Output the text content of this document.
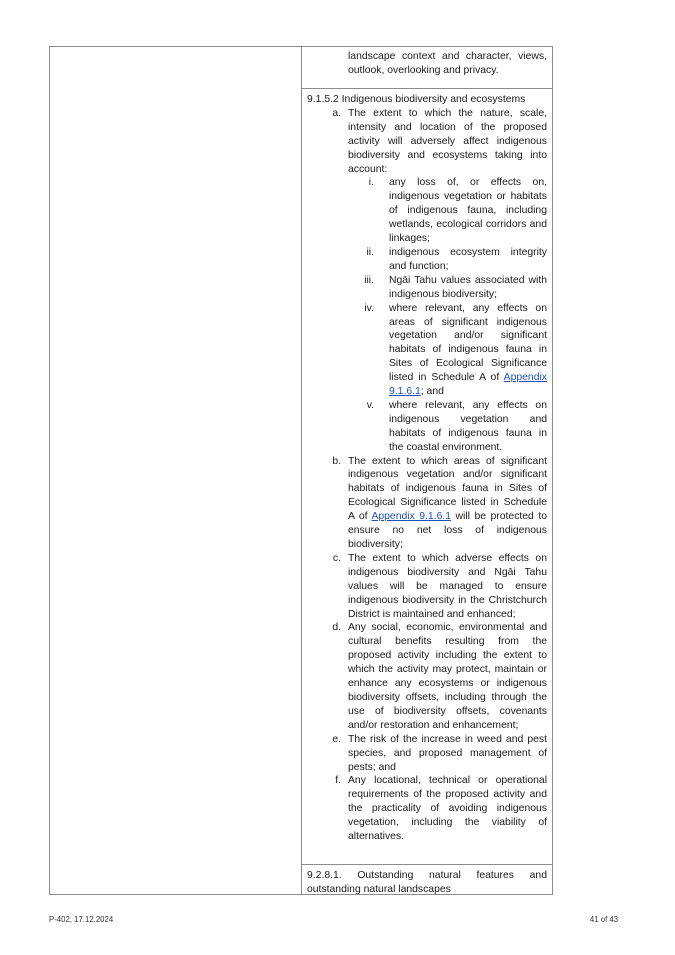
landscape context and character, views, outlook, overlooking and privacy.
9.1.5.2 Indigenous biodiversity and ecosystems
a. The extent to which the nature, scale, intensity and location of the proposed activity will adversely affect indigenous biodiversity and ecosystems taking into account:
i.	any loss of, or effects on, indigenous vegetation or habitats of indigenous fauna, including wetlands, ecological corridors and linkages;
ii.	indigenous ecosystem integrity and function;
iii.	Ngāi Tahu values associated with indigenous biodiversity;
iv.	where relevant, any effects on areas of significant indigenous vegetation and/or significant habitats of indigenous fauna in Sites of Ecological Significance listed in Schedule A of Appendix 9.1.6.1; and
v.	where relevant, any effects on indigenous vegetation and habitats of indigenous fauna in the coastal environment.
b. The extent to which areas of significant indigenous vegetation and/or significant habitats of indigenous fauna in Sites of Ecological Significance listed in Schedule A of Appendix 9.1.6.1 will be protected to ensure no net loss of indigenous biodiversity;
c. The extent to which adverse effects on indigenous biodiversity and Ngāi Tahu values will be managed to ensure indigenous biodiversity in the Christchurch District is maintained and enhanced;
d. Any social, economic, environmental and cultural benefits resulting from the proposed activity including the extent to which the activity may protect, maintain or enhance any ecosystems or indigenous biodiversity offsets, including through the use of biodiversity offsets, covenants and/or restoration and enhancement;
e. The risk of the increase in weed and pest species, and proposed management of pests; and
f. Any locational, technical or operational requirements of the proposed activity and the practicality of avoiding indigenous vegetation, including the viability of alternatives.
9.2.8.1. Outstanding natural features and outstanding natural landscapes
P-402, 17.12.2024	41 of 43
